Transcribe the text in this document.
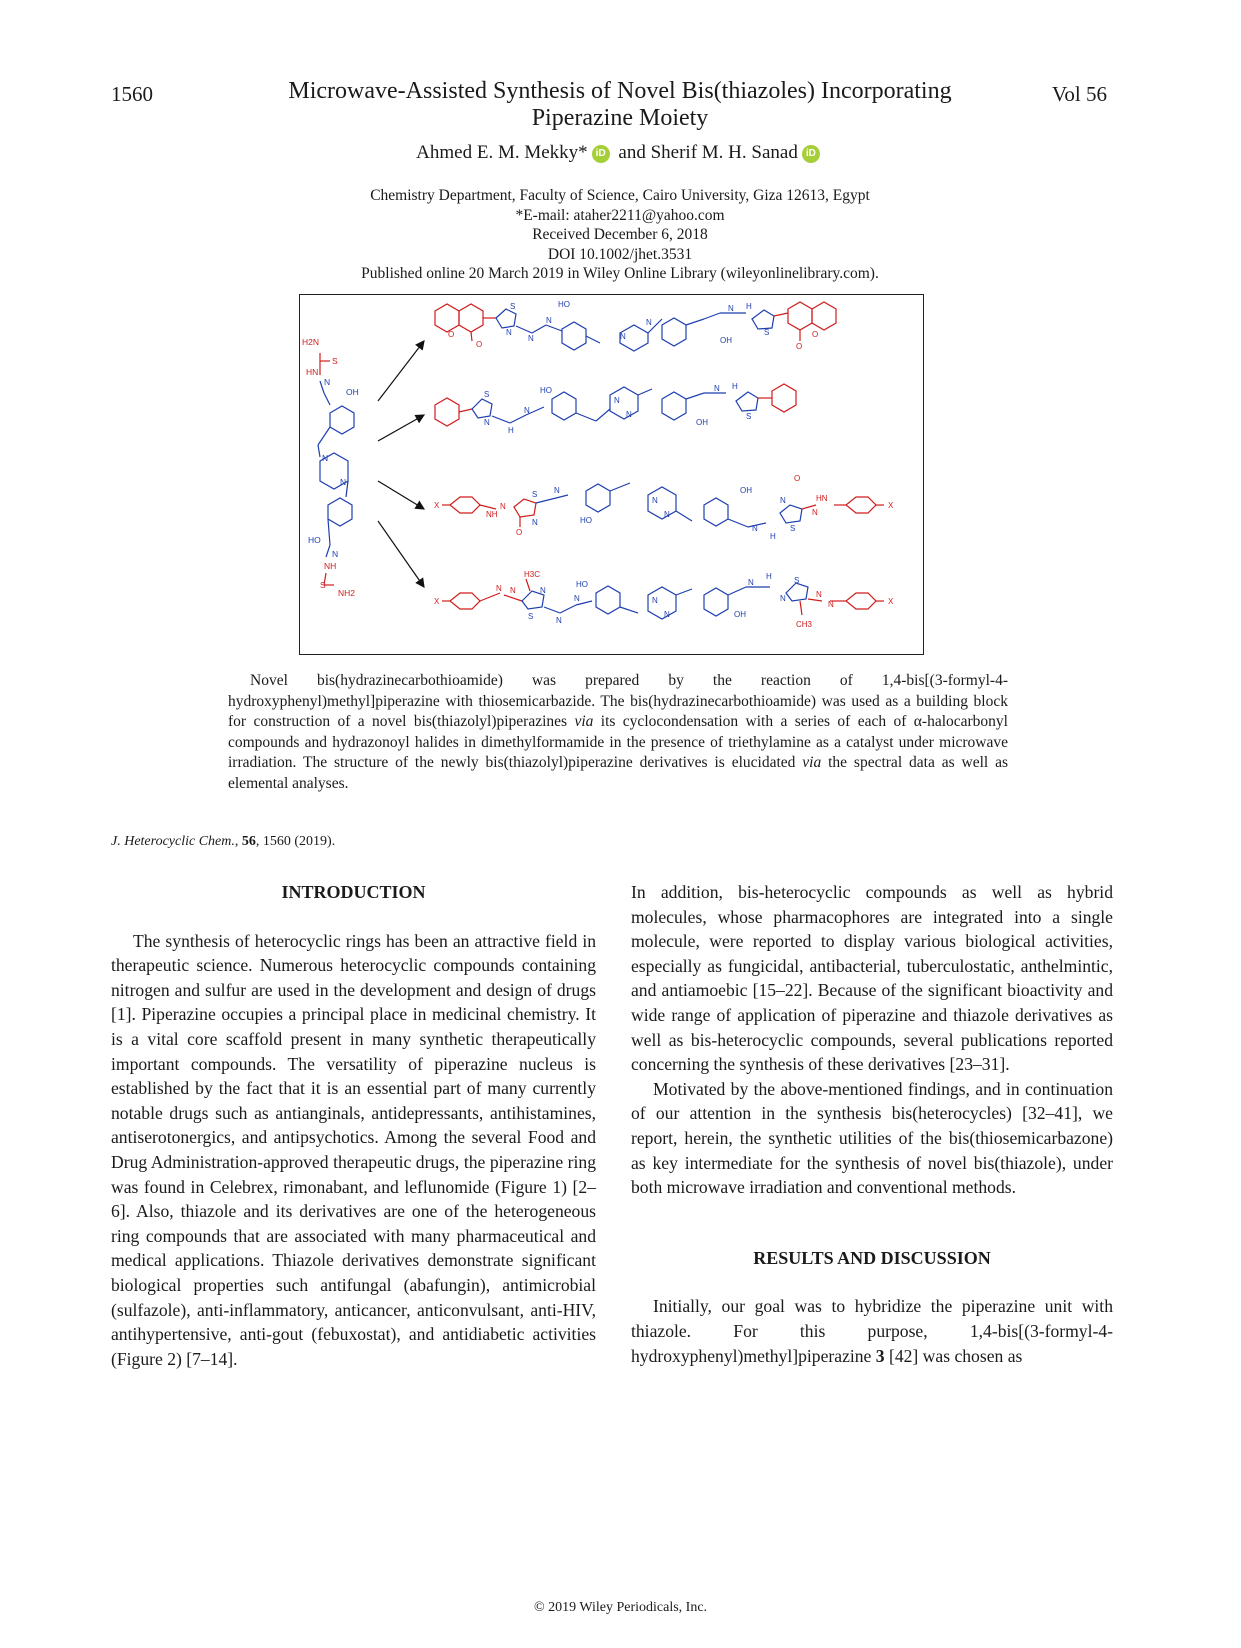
1560	Vol 56
Microwave-Assisted Synthesis of Novel Bis(thiazoles) Incorporating Piperazine Moiety
Ahmed E. M. Mekky* iD and Sherif M. H. Sanad iD
Chemistry Department, Faculty of Science, Cairo University, Giza 12613, Egypt
*E-mail: ataher2211@yahoo.com
Received December 6, 2018
DOI 10.1002/jhet.3531
Published online 20 March 2019 in Wiley Online Library (wileyonlinelibrary.com).
H2N
S
HN
S
NH2
NH
N
OH
N
N
HO
N
O
O
S
N
N
N
HO
N
N
OH
N H
S	O
O
S
N
H
N
HO
N
N
OH
N H
S
X
NH
N
O
S
N
N
HO
N
N
OH
N
H
N
S
O
HN
N
X
X
N N
H3C
N
S	N
N
HO
N
N	OH
N
H
N
S
N
N
CH3
X

Novel bis(hydrazinecarbothioamide) was prepared by the reaction of 1,4-bis[(3-formyl-4-hydroxyphenyl)methyl]piperazine with thiosemicarbazide. The bis(hydrazinecarbothioamide) was used as a building block for construction of a novel bis(thiazolyl)piperazines via its cyclocondensation with a series of each of α-halocarbonyl compounds and hydrazonoyl halides in dimethylformamide in the presence of triethylamine as a catalyst under microwave irradiation. The structure of the newly bis(thiazolyl)piperazine derivatives is elucidated via the spectral data as well as elemental analyses.

J. Heterocyclic Chem., 56, 1560 (2019).
INTRODUCTION

The synthesis of heterocyclic rings has been an attractive field in therapeutic science. Numerous heterocyclic compounds containing nitrogen and sulfur are used in the development and design of drugs [1]. Piperazine occupies a principal place in medicinal chemistry. It is a vital core scaffold present in many synthetic therapeutically important compounds. The versatility of piperazine nucleus is established by the fact that it is an essential part of many currently notable drugs such as antianginals, antidepressants, antihistamines, antiserotonergics, and antipsychotics. Among the several Food and Drug Administration-approved therapeutic drugs, the piperazine ring was found in Celebrex, rimonabant, and leflunomide (Figure 1) [2–6]. Also, thiazole and its derivatives are one of the heterogeneous ring compounds that are associated with many pharmaceutical and medical applications. Thiazole derivatives demonstrate significant biological properties such antifungal (abafungin), antimicrobial (sulfazole), anti-inflammatory, anticancer, anticonvulsant, anti-HIV, antihypertensive, anti-gout (febuxostat), and antidiabetic activities (Figure 2) [7–14].

In addition, bis-heterocyclic compounds as well as hybrid molecules, whose pharmacophores are integrated into a single molecule, were reported to display various biological activities, especially as fungicidal, antibacterial, tuberculostatic, anthelmintic, and antiamoebic [15–22]. Because of the significant bioactivity and wide range of application of piperazine and thiazole derivatives as well as bis-heterocyclic compounds, several publications reported concerning the synthesis of these derivatives [23–31].

Motivated by the above-mentioned findings, and in continuation of our attention in the synthesis bis(heterocycles) [32–41], we report, herein, the synthetic utilities of the bis(thiosemicarbazone) as key intermediate for the synthesis of novel bis(thiazole), under both microwave irradiation and conventional methods.

RESULTS AND DISCUSSION

Initially, our goal was to hybridize the piperazine unit with thiazole. For this purpose, 1,4-bis[(3-formyl-4-hydroxyphenyl)methyl]piperazine 3 [42] was chosen as

© 2019 Wiley Periodicals, Inc.
